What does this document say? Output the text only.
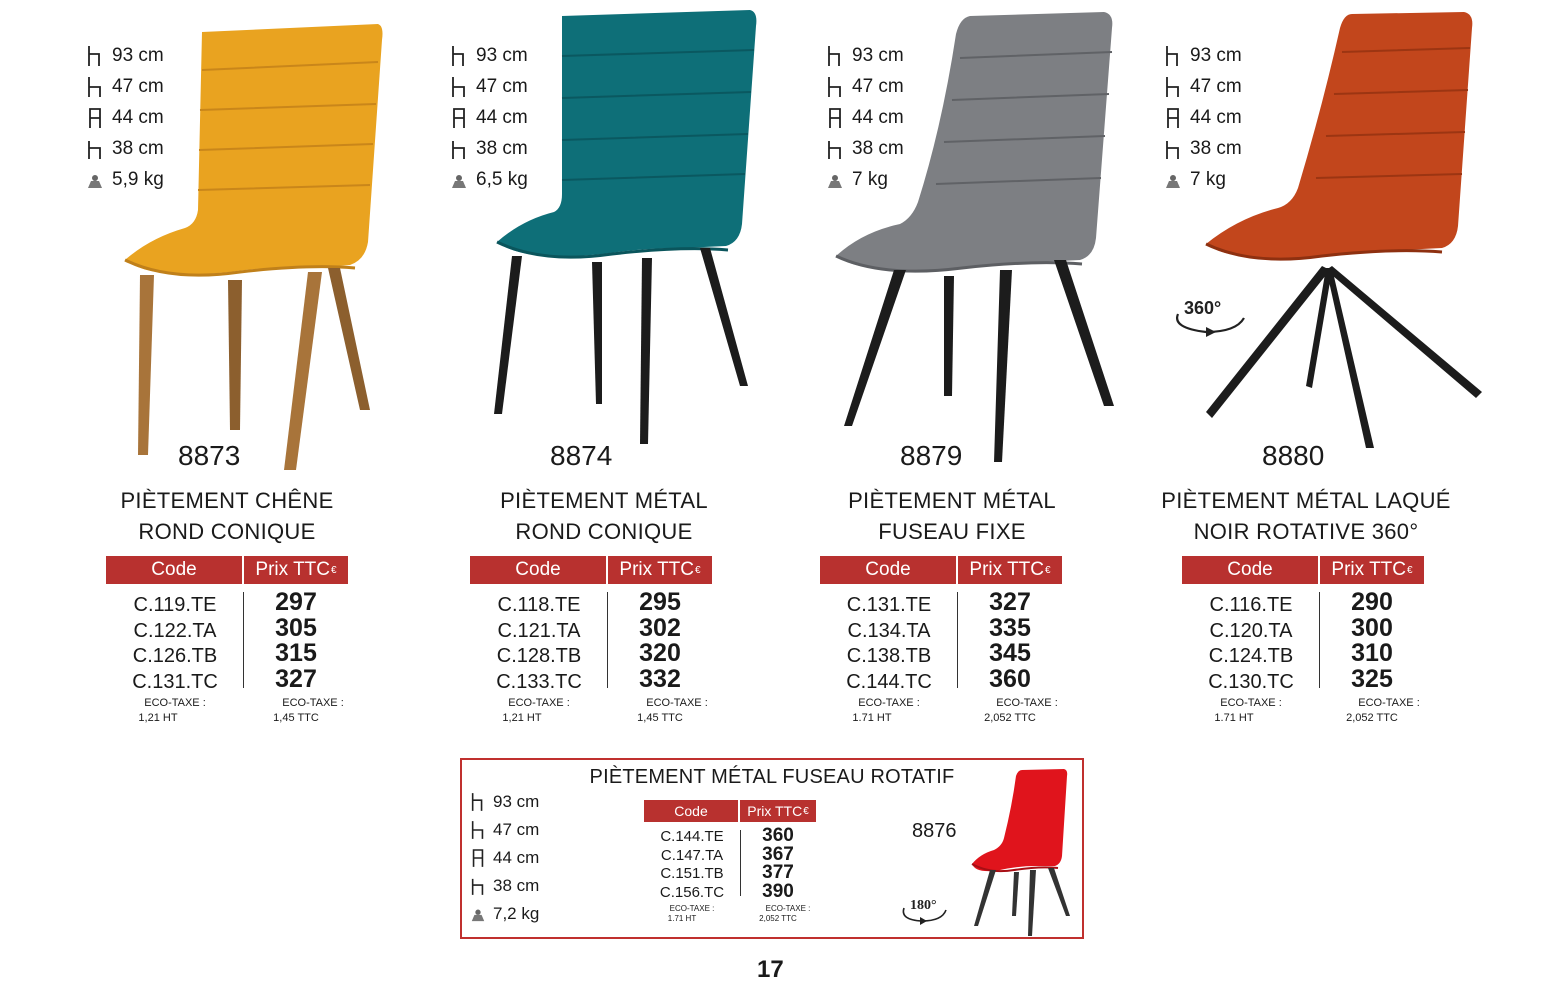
93 cm
47 cm
44 cm
38 cm
5,9 kg
8873
PIÈTEMENT CHÊNE
ROND CONIQUE
Code	Prix TTC €
C.119.TE	297
C.122.TA	305
C.126.TB	315
C.131.TC	327
ECO-TAXE :
1,21 HT
ECO-TAXE :
1,45 TTC
93 cm
47 cm
44 cm
38 cm
6,5 kg
8874
PIÈTEMENT MÉTAL
ROND CONIQUE
Code	Prix TTC €
C.118.TE	295
C.121.TA	302
C.128.TB	320
C.133.TC	332
ECO-TAXE :
1,21 HT
ECO-TAXE :
1,45 TTC
93 cm
47 cm
44 cm
38 cm
7 kg
8879
PIÈTEMENT MÉTAL
FUSEAU FIXE
Code	Prix TTC €
C.131.TE	327
C.134.TA	335
C.138.TB	345
C.144.TC	360
ECO-TAXE :
1.71 HT
ECO-TAXE :
2,052 TTC
93 cm
47 cm
44 cm
38 cm
7 kg
360°
8880
PIÈTEMENT MÉTAL LAQUÉ
NOIR ROTATIVE 360°
Code	Prix TTC €
C.116.TE	290
C.120.TA	300
C.124.TB	310
C.130.TC	325
ECO-TAXE :
1.71 HT
ECO-TAXE :
2,052 TTC
PIÈTEMENT MÉTAL FUSEAU ROTATIF
93 cm
47 cm
44 cm
38 cm
7,2 kg
Code	Prix TTC €
C.144.TE	360
C.147.TA	367
C.151.TB	377
C.156.TC	390
ECO-TAXE :
1.71 HT
ECO-TAXE :
2,052 TTC
8876
180°
17
